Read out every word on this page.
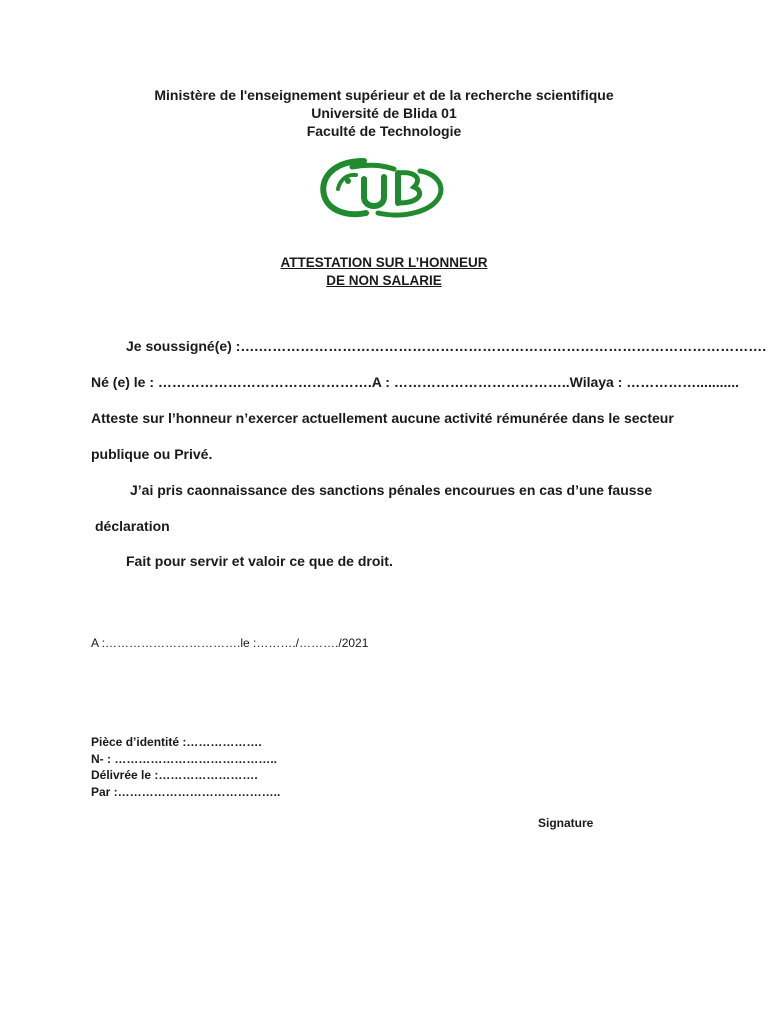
Ministère de l'enseignement supérieur et de la recherche scientifique
Université de Blida 01
Faculté de Technologie
ATTESTATION SUR L’HONNEUR
DE NON SALARIE
Je soussigné(e) :….……………………………………………………………………………………………….
Né (e) le : ……………………………………….A : ………………………………..Wilaya : ……………...........
Atteste sur l’honneur n’exercer actuellement aucune activité rémunérée dans le secteur
publique ou Privé.
J’ai pris caonnaissance des sanctions pénales encourues en cas d’une fausse
déclaration
Fait pour servir et valoir ce que de droit.
A :…………………………….le :………./………./2021
Pièce d’identité :……………….
N- : …………………………………..
Délivrée le :…………………….
Par :…………………………………..
Signature
